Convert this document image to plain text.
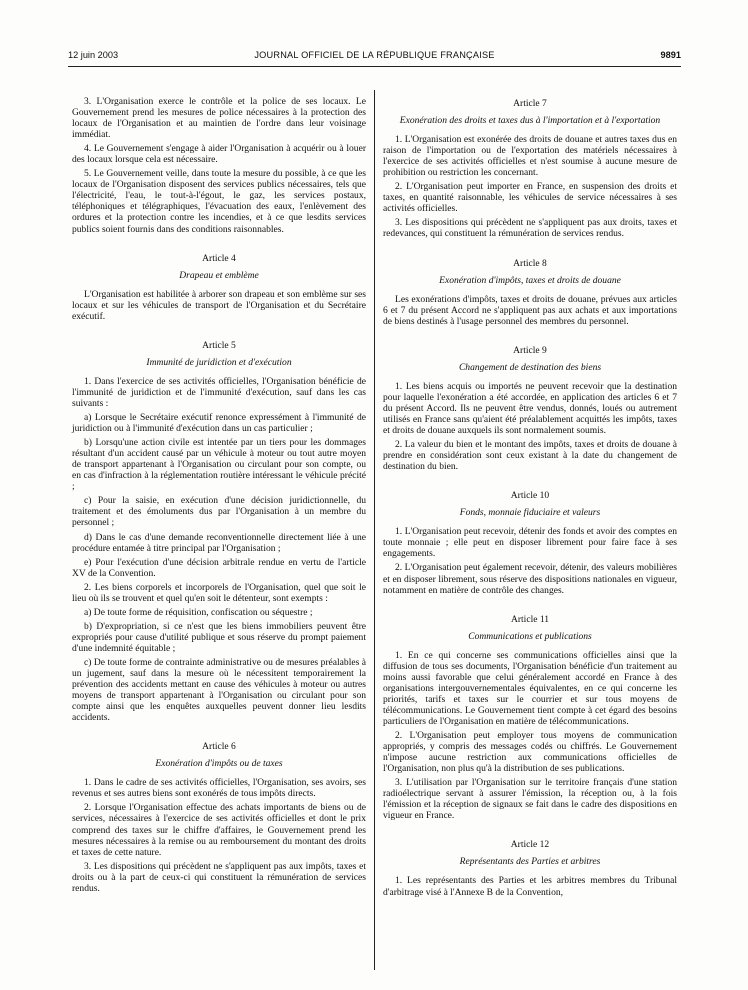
12 juin 2003	JOURNAL OFFICIEL DE LA RÉPUBLIQUE FRANÇAISE	9891

3. L'Organisation exerce le contrôle et la police de ses locaux. Le Gouvernement prend les mesures de police nécessaires à la protection des locaux de l'Organisation et au maintien de l'ordre dans leur voisinage immédiat.

4. Le Gouvernement s'engage à aider l'Organisation à acquérir ou à louer des locaux lorsque cela est nécessaire.

5. Le Gouvernement veille, dans toute la mesure du possible, à ce que les locaux de l'Organisation disposent des services publics nécessaires, tels que l'électricité, l'eau, le tout-à-l'égout, le gaz, les services postaux, téléphoniques et télégraphiques, l'évacuation des eaux, l'enlèvement des ordures et la protection contre les incendies, et à ce que lesdits services publics soient fournis dans des conditions raisonnables.

Article 4
Drapeau et emblème

L'Organisation est habilitée à arborer son drapeau et son emblème sur ses locaux et sur les véhicules de transport de l'Organisation et du Secrétaire exécutif.

Article 5
Immunité de juridiction et d'exécution

1. Dans l'exercice de ses activités officielles, l'Organisation bénéficie de l'immunité de juridiction et de l'immunité d'exécution, sauf dans les cas suivants :

a) Lorsque le Secrétaire exécutif renonce expressément à l'immunité de juridiction ou à l'immunité d'exécution dans un cas particulier ;

b) Lorsqu'une action civile est intentée par un tiers pour les dommages résultant d'un accident causé par un véhicule à moteur ou tout autre moyen de transport appartenant à l'Organisation ou circulant pour son compte, ou en cas d'infraction à la réglementation routière intéressant le véhicule précité ;

c) Pour la saisie, en exécution d'une décision juridictionnelle, du traitement et des émoluments dus par l'Organisation à un membre du personnel ;

d) Dans le cas d'une demande reconventionnelle directement liée à une procédure entamée à titre principal par l'Organisation ;

e) Pour l'exécution d'une décision arbitrale rendue en vertu de l'article XV de la Convention.

2. Les biens corporels et incorporels de l'Organisation, quel que soit le lieu où ils se trouvent et quel qu'en soit le détenteur, sont exempts :

a) De toute forme de réquisition, confiscation ou séquestre ;

b) D'expropriation, si ce n'est que les biens immobiliers peuvent être expropriés pour cause d'utilité publique et sous réserve du prompt paiement d'une indemnité équitable ;

c) De toute forme de contrainte administrative ou de mesures préalables à un jugement, sauf dans la mesure où le nécessitent temporairement la prévention des accidents mettant en cause des véhicules à moteur ou autres moyens de transport appartenant à l'Organisation ou circulant pour son compte ainsi que les enquêtes auxquelles peuvent donner lieu lesdits accidents.

Article 6
Exonération d'impôts ou de taxes

1. Dans le cadre de ses activités officielles, l'Organisation, ses avoirs, ses revenus et ses autres biens sont exonérés de tous impôts directs.

2. Lorsque l'Organisation effectue des achats importants de biens ou de services, nécessaires à l'exercice de ses activités officielles et dont le prix comprend des taxes sur le chiffre d'affaires, le Gouvernement prend les mesures nécessaires à la remise ou au remboursement du montant des droits et taxes de cette nature.

3. Les dispositions qui précèdent ne s'appliquent pas aux impôts, taxes et droits ou à la part de ceux-ci qui constituent la rémunération de services rendus.

Article 7
Exonération des droits et taxes dus à l'importation et à l'exportation

1. L'Organisation est exonérée des droits de douane et autres taxes dus en raison de l'importation ou de l'exportation des matériels nécessaires à l'exercice de ses activités officielles et n'est soumise à aucune mesure de prohibition ou restriction les concernant.

2. L'Organisation peut importer en France, en suspension des droits et taxes, en quantité raisonnable, les véhicules de service nécessaires à ses activités officielles.

3. Les dispositions qui précèdent ne s'appliquent pas aux droits, taxes et redevances, qui constituent la rémunération de services rendus.

Article 8
Exonération d'impôts, taxes et droits de douane

Les exonérations d'impôts, taxes et droits de douane, prévues aux articles 6 et 7 du présent Accord ne s'appliquent pas aux achats et aux importations de biens destinés à l'usage personnel des membres du personnel.

Article 9
Changement de destination des biens

1. Les biens acquis ou importés ne peuvent recevoir que la destination pour laquelle l'exonération a été accordée, en application des articles 6 et 7 du présent Accord. Ils ne peuvent être vendus, donnés, loués ou autrement utilisés en France sans qu'aient été préalablement acquittés les impôts, taxes et droits de douane auxquels ils sont normalement soumis.

2. La valeur du bien et le montant des impôts, taxes et droits de douane à prendre en considération sont ceux existant à la date du changement de destination du bien.

Article 10
Fonds, monnaie fiduciaire et valeurs

1. L'Organisation peut recevoir, détenir des fonds et avoir des comptes en toute monnaie ; elle peut en disposer librement pour faire face à ses engagements.

2. L'Organisation peut également recevoir, détenir, des valeurs mobilières et en disposer librement, sous réserve des dispositions nationales en vigueur, notamment en matière de contrôle des changes.

Article 11
Communications et publications

1. En ce qui concerne ses communications officielles ainsi que la diffusion de tous ses documents, l'Organisation bénéficie d'un traitement au moins aussi favorable que celui généralement accordé en France à des organisations intergouvernementales équivalentes, en ce qui concerne les priorités, tarifs et taxes sur le courrier et sur tous moyens de télécommunications. Le Gouvernement tient compte à cet égard des besoins particuliers de l'Organisation en matière de télécommunications.

2. L'Organisation peut employer tous moyens de communication appropriés, y compris des messages codés ou chiffrés. Le Gouvernement n'impose aucune restriction aux communications officielles de l'Organisation, non plus qu'à la distribution de ses publications.

3. L'utilisation par l'Organisation sur le territoire français d'une station radioélectrique servant à assurer l'émission, la réception ou, à la fois l'émission et la réception de signaux se fait dans le cadre des dispositions en vigueur en France.

Article 12
Représentants des Parties et arbitres

1. Les représentants des Parties et les arbitres membres du Tribunal d'arbitrage visé à l'Annexe B de la Convention,
